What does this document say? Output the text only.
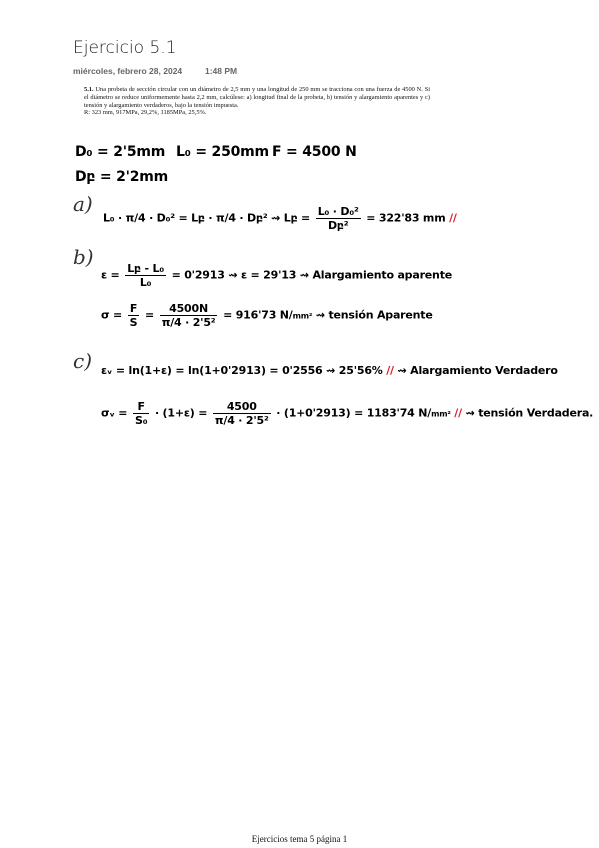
Ejercicio 5.1
miércoles, febrero 28, 2024	1:48 PM
5.1. Una probeta de sección circular con un diámetro de 2,5 mm y una longitud de 250 mm se tracciona con una fuerza de 4500 N. Si el diámetro se reduce uniformemente hasta 2,2 mm, calcúlese: a) longitud final de la probeta, b) tensión y alargamiento aparentes y c) tensión y alargamiento verdaderos, bajo la tensión impuesta.
R: 323 mm, 917MPa, 29,2%, 1185MPa, 25,5%.
D₀ = 2'5mm L₀ = 250mm F = 4500 N
Dբ = 2'2mm
a)
L₀ · π/4 · D₀² = Lբ · π/4 · Dբ² ⇝ Lբ = $\frac{\text{L₀ · D₀²}}{\text{Dբ²}} = 322'83$ mm //
b)
$\varepsilon = \frac{\text{Lբ - L₀}}{\text{L₀}} = 0'2913$ ⇝ ε = 29'13 ⇝ Alargamiento aparente
$\sigma = \frac{F}{S} = \frac{4500N}{\text{π/4 · 2'5²}} = 916'73$ N/mm² ⇝ tensión Aparente
c) εᵥ = ln(1+ε) = ln(1+0'2913) = 0'2556 ⇝ 25'56% // ⇝ Alargamiento Verdadero
σᵥ = $\frac{F}{\text{S₀}} \cdot (1+\varepsilon) = \frac{4500}{\text{π/4 · 2'5²}} \cdot (1+0'2913) = 1183'74$ N/mm² // ⇝ tensión Verdadera.
Ejercicios tema 5 página 1
